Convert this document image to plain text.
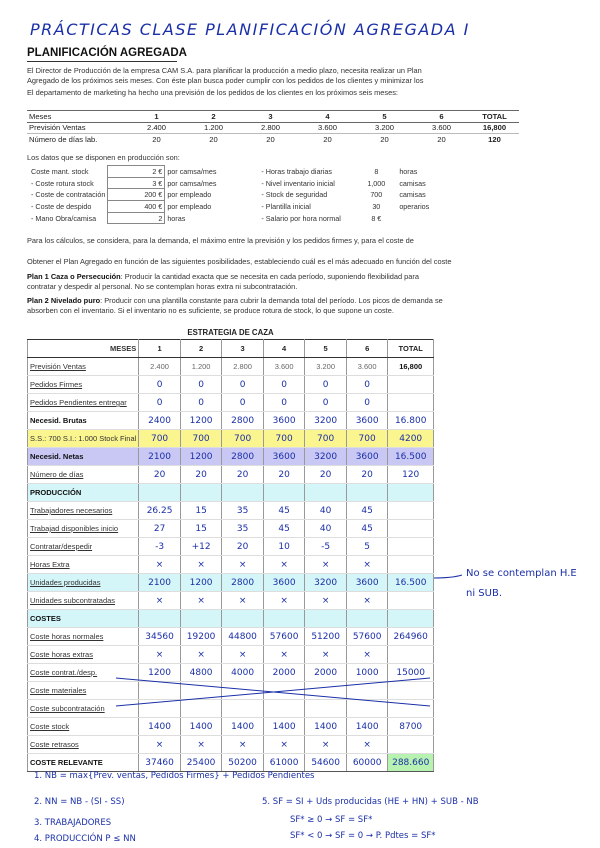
PRÁCTICAS CLASE PLANIFICACIÓN AGREGADA I
PLANIFICACIÓN AGREGADA
El Director de Producción de la empresa CAM S.A. para planificar la producción a medio plazo, necesita realizar un Plan
Agregado de los próximos seis meses. Con éste plan busca poder cumplir con los pedidos de los clientes y minimizar los
El departamento de marketing ha hecho una previsión de los pedidos de los clientes en los próximos seis meses:
Meses	1	2	3	4	5	6	TOTAL
Previsión Ventas	2.400	1.200	2.800	3.600	3.200	3.600	16,800
Número de días lab.	20	20	20	20	20	20	120
Los datos que se disponen en producción son:
Coste mant. stock	2 €	por camsa/mes	- Horas trabajo diarias	8	horas
- Coste rotura stock	3 €	por camsa/mes	- Nivel inventario inicial	1,000	camisas
- Coste de contratación	200 €	por empleado	- Stock de seguridad	700	camisas
- Coste de despido	400 €	por empleado	- Plantilla inicial	30	operarios
- Mano Obra/camisa	2	horas	- Salario por hora normal	8 €	
Para los cálculos, se considera, para la demanda, el máximo entre la previsión y los pedidos firmes y, para el coste de
Obtener el Plan Agregado en función de las siguientes posibilidades, estableciendo cuál es el más adecuado en función del coste
Plan 1 Caza o Persecución: Producir la cantidad exacta que se necesita en cada período, suponiendo flexibilidad para
contratar y despedir al personal. No se contemplan horas extra ni subcontratación.
Plan 2 Nivelado puro: Producir con una plantilla constante para cubrir la demanda total del período. Los picos de demanda se
absorben con el inventario. Si el inventario no es suficiente, se produce rotura de stock, lo que supone un coste.
ESTRATEGIA DE CAZA
MESES	1	2	3	4	5	6	TOTAL
Previsión Ventas	2.400	1.200	2.800	3.600	3.200	3.600	16,800
Pedidos Firmes	0	0	0	0	0	0	
Pedidos Pendientes entregar	0	0	0	0	0	0	
Necesid. Brutas	2400	1200	2800	3600	3200	3600	16.800
S.S.: 700 S.I.: 1.000 Stock Final	700	700	700	700	700	700	4200
Necesid. Netas	2100	1200	2800	3600	3200	3600	16.500
Número de días	20	20	20	20	20	20	120
PRODUCCIÓN							
Trabajadores necesarios	26.25	15	35	45	40	45	
Trabajad disponibles inicio	27	15	35	45	40	45	
Contratar/despedir	-3	+12	20	10	-5	5	
Horas Extra	×	×	×	×	×	×	
Unidades producidas	2100	1200	2800	3600	3200	3600	16.500
Unidades subcontratadas	×	×	×	×	×	×	
COSTES							
Coste horas normales	34560	19200	44800	57600	51200	57600	264960
Coste horas extras	×	×	×	×	×	×	
Coste contrat./desp.	1200	4800	4000	2000	2000	1000	15000
Coste materiales							
Coste subcontratación							
Coste stock	1400	1400	1400	1400	1400	1400	8700
Coste retrasos	×	×	×	×	×	×	
COSTE RELEVANTE	37460	25400	50200	61000	54600	60000	288.660
No se contemplan H.E
ni SUB.
1. NB = max{Prev. ventas, Pedidos Firmes} + Pedidos Pendientes
2. NN = NB - (SI - SS)
3. TRABAJADORES
4. PRODUCCIÓN P ≤ NN
5. SF = SI + Uds producidas (HE + HN) + SUB - NB
SF* ≥ 0 → SF = SF*
SF* < 0 → SF = 0 → P. Pdtes = SF*
